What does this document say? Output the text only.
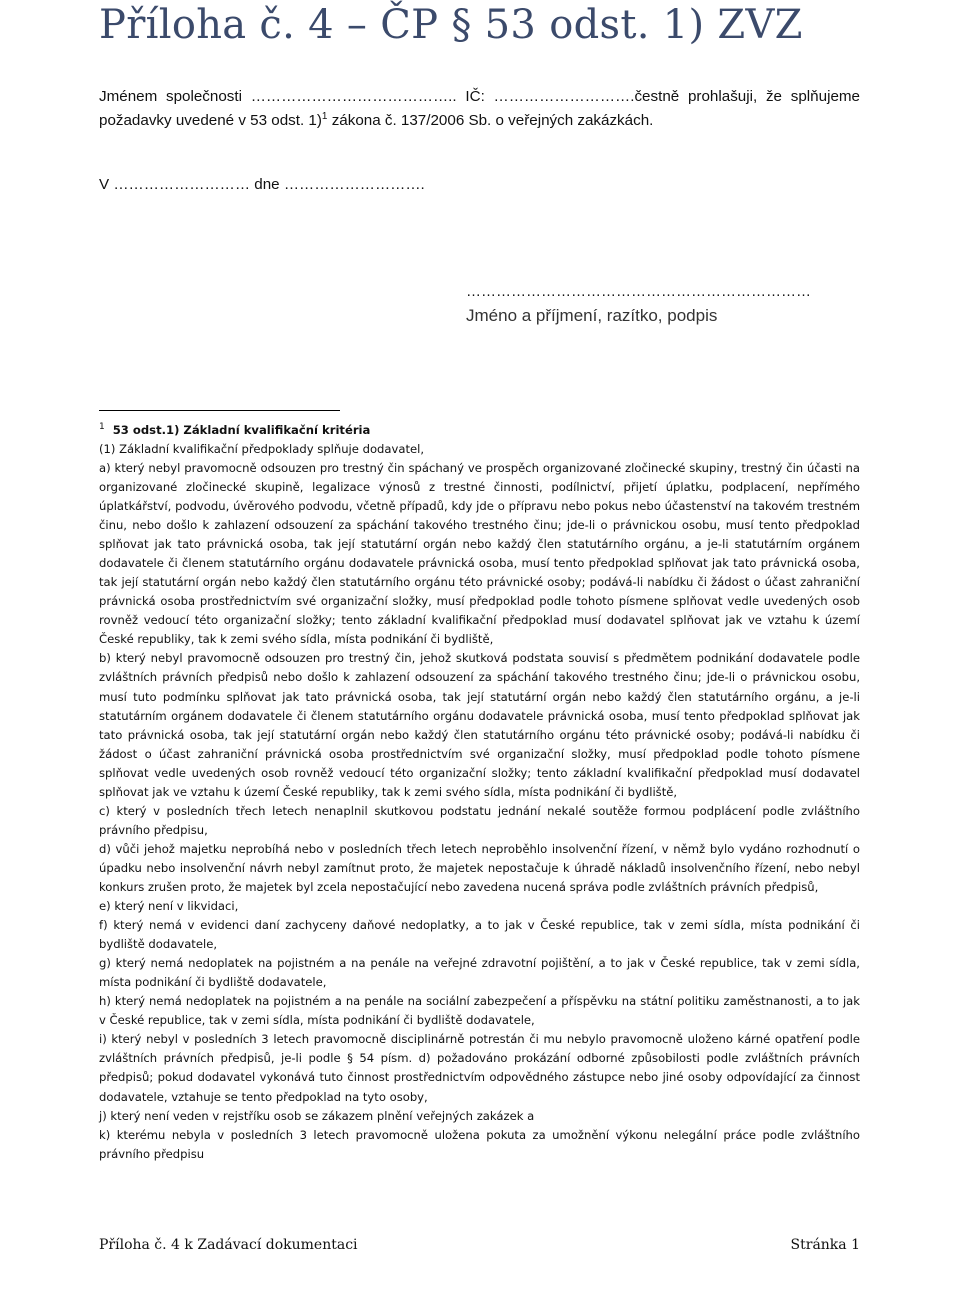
Příloha č. 4 – ČP § 53 odst. 1) ZVZ

Jménem společnosti ………………………………….. IČ: ……………………….čestně prohlašuji, že splňujeme požadavky uvedené v 53 odst. 1)$^1$ zákona č. 137/2006 Sb. o veřejných zakázkách.

V ……………………… dne ……………………….

……………………………………………………………

Jméno a příjmení, razítko, podpis

$^1$ 53 odst.1) Základní kvalifikační kritéria

(1) Základní kvalifikační předpoklady splňuje dodavatel,

a) který nebyl pravomocně odsouzen pro trestný čin spáchaný ve prospěch organizované zločinecké skupiny, trestný čin účasti na organizované zločinecké skupině, legalizace výnosů z trestné činnosti, podílnictví, přijetí úplatku, podplacení, nepřímého úplatkářství, podvodu, úvěrového podvodu, včetně případů, kdy jde o přípravu nebo pokus nebo účastenství na takovém trestném činu, nebo došlo k zahlazení odsouzení za spáchání takového trestného činu; jde-li o právnickou osobu, musí tento předpoklad splňovat jak tato právnická osoba, tak její statutární orgán nebo každý člen statutárního orgánu, a je-li statutárním orgánem dodavatele či členem statutárního orgánu dodavatele právnická osoba, musí tento předpoklad splňovat jak tato právnická osoba, tak její statutární orgán nebo každý člen statutárního orgánu této právnické osoby; podává-li nabídku či žádost o účast zahraniční právnická osoba prostřednictvím své organizační složky, musí předpoklad podle tohoto písmene splňovat vedle uvedených osob rovněž vedoucí této organizační složky; tento základní kvalifikační předpoklad musí dodavatel splňovat jak ve vztahu k území České republiky, tak k zemi svého sídla, místa podnikání či bydliště,

b) který nebyl pravomocně odsouzen pro trestný čin, jehož skutková podstata souvisí s předmětem podnikání dodavatele podle zvláštních právních předpisů nebo došlo k zahlazení odsouzení za spáchání takového trestného činu; jde-li o právnickou osobu, musí tuto podmínku splňovat jak tato právnická osoba, tak její statutární orgán nebo každý člen statutárního orgánu, a je-li statutárním orgánem dodavatele či členem statutárního orgánu dodavatele právnická osoba, musí tento předpoklad splňovat jak tato právnická osoba, tak její statutární orgán nebo každý člen statutárního orgánu této právnické osoby; podává-li nabídku či žádost o účast zahraniční právnická osoba prostřednictvím své organizační složky, musí předpoklad podle tohoto písmene splňovat vedle uvedených osob rovněž vedoucí této organizační složky; tento základní kvalifikační předpoklad musí dodavatel splňovat jak ve vztahu k území České republiky, tak k zemi svého sídla, místa podnikání či bydliště,

c) který v posledních třech letech nenaplnil skutkovou podstatu jednání nekalé soutěže formou podplácení podle zvláštního právního předpisu,

d) vůči jehož majetku neprobíhá nebo v posledních třech letech neproběhlo insolvenční řízení, v němž bylo vydáno rozhodnutí o úpadku nebo insolvenční návrh nebyl zamítnut proto, že majetek nepostačuje k úhradě nákladů insolvenčního řízení, nebo nebyl konkurs zrušen proto, že majetek byl zcela nepostačující nebo zavedena nucená správa podle zvláštních právních předpisů,

e) který není v likvidaci,

f) který nemá v evidenci daní zachyceny daňové nedoplatky, a to jak v České republice, tak v zemi sídla, místa podnikání či bydliště dodavatele,

g) který nemá nedoplatek na pojistném a na penále na veřejné zdravotní pojištění, a to jak v České republice, tak v zemi sídla, místa podnikání či bydliště dodavatele,

h) který nemá nedoplatek na pojistném a na penále na sociální zabezpečení a příspěvku na státní politiku zaměstnanosti, a to jak v České republice, tak v zemi sídla, místa podnikání či bydliště dodavatele,

i) který nebyl v posledních 3 letech pravomocně disciplinárně potrestán či mu nebylo pravomocně uloženo kárné opatření podle zvláštních právních předpisů, je-li podle § 54 písm. d) požadováno prokázání odborné způsobilosti podle zvláštních právních předpisů; pokud dodavatel vykonává tuto činnost prostřednictvím odpovědného zástupce nebo jiné osoby odpovídající za činnost dodavatele, vztahuje se tento předpoklad na tyto osoby,

j) který není veden v rejstříku osob se zákazem plnění veřejných zakázek a

k) kterému nebyla v posledních 3 letech pravomocně uložena pokuta za umožnění výkonu nelegální práce podle zvláštního právního předpisu

Příloha č. 4 k Zadávací dokumentaci	Stránka 1
